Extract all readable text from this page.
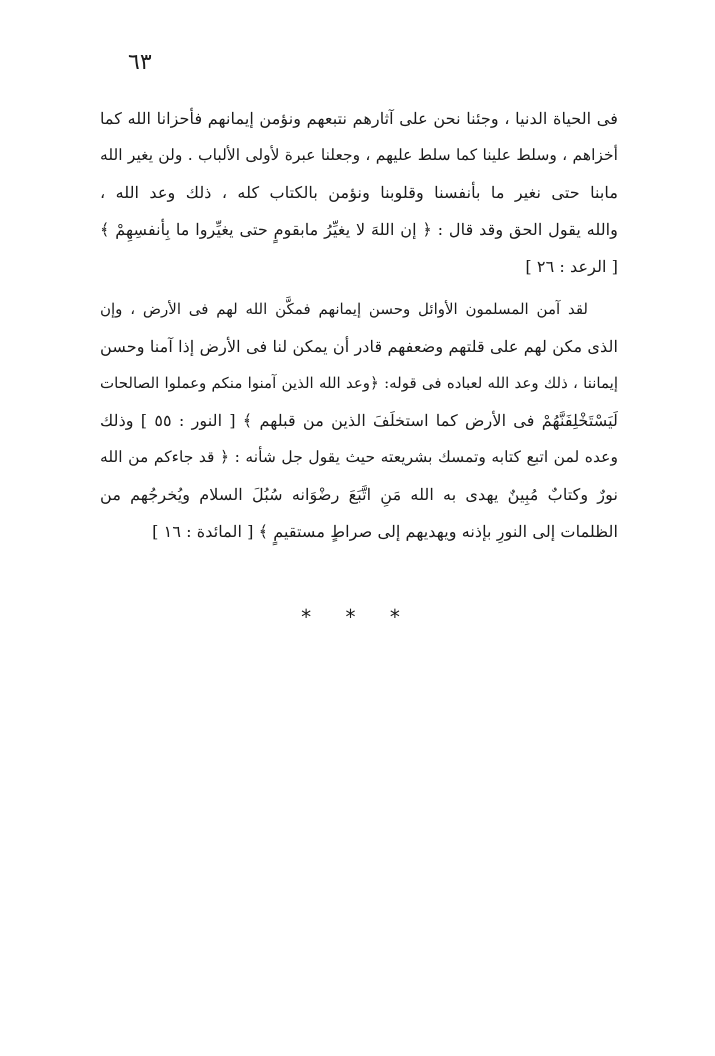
٦٣
فى الحياة الدنيا ، وجئنا نحن على آثارهم نتبعهم ونؤمن إيمانهم فأحزانا الله كما
أخزاهم ، وسلط علينا كما سلط عليهم ، وجعلنا عبرة لأولى الألباب . ولن يغير الله
مابنا حتى نغير ما بأنفسنا وقلوبنا ونؤمن بالكتاب كله ، ذلك وعد الله ،
والله يقول الحق وقد قال : ﴿ إن اللهَ لا يغيِّرُ مابقومٍ حتى يغيِّروا ما بِأنفسِهِمْ ﴾
[ الرعد : ٢٦ ]
لقد آمن المسلمون الأوائل وحسن إيمانهم فمكَّن الله لهم فى الأرض ، وإن
الذى مكن لهم على قلتهم وضعفهم قادر أن يمكن لنا فى الأرض إذا آمنا وحسن
إيماننا ، ذلك وعد الله لعباده فى قوله: ﴿وعد الله الذين آمنوا منكم وعملوا الصالحات
لَيَسْتَخْلِفَنَّهُمْ فى الأرض كما استخلَفَ الذين من قبلهم ﴾ [ النور : ٥٥ ] وذلك
وعده لمن اتبع كتابه وتمسك بشريعته حيث يقول جل شأنه : ﴿ قد جاءكم من الله
نورٌ وكتابٌ مُبِينٌ يهدى به الله مَنِ اتَّبَعَ رضْوَانه سُبُلَ السلام ويُخرجُهم من
الظلمات إلى النورِ بإذنه ويهديهم إلى صراطٍ مستقيمٍ ﴾ [ المائدة : ١٦ ]
* * *
